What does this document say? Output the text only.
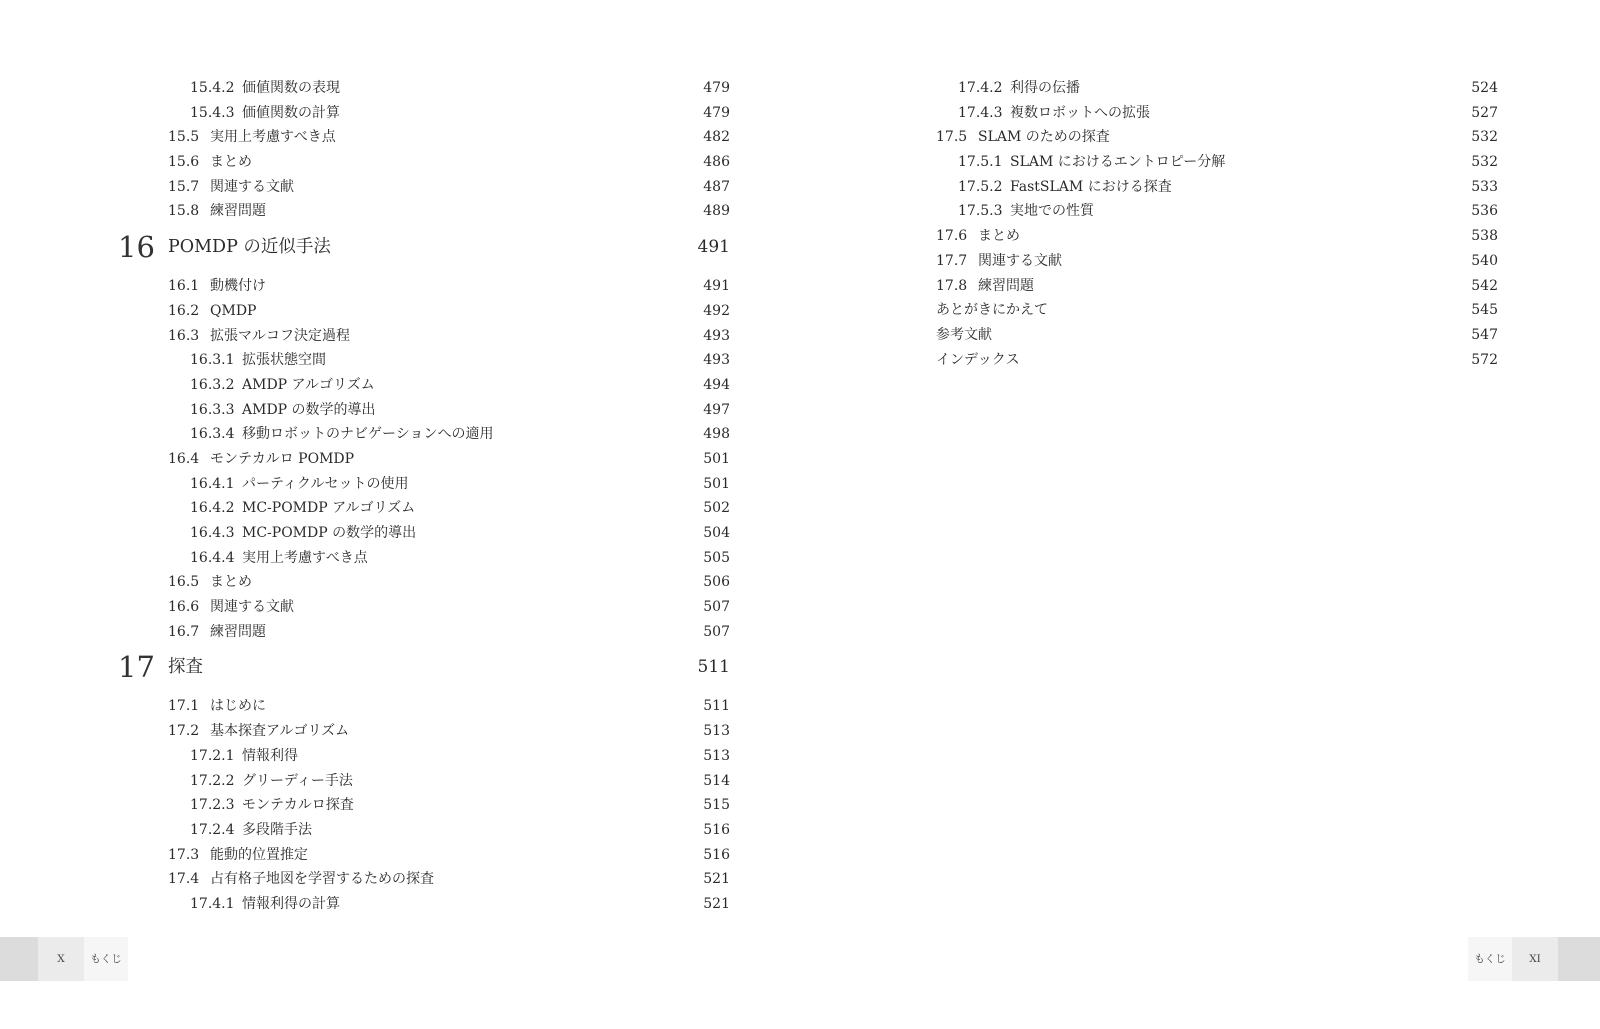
15.4.2 価値関数の表現	479
15.4.3 価値関数の計算	479
15.5 実用上考慮すべき点	482
15.6 まとめ	486
15.7 関連する文献	487
15.8 練習問題	489
16 POMDP の近似手法	491
16.1 動機付け	491
16.2 QMDP	492
16.3 拡張マルコフ決定過程	493
16.3.1 拡張状態空間	493
16.3.2 AMDP アルゴリズム	494
16.3.3 AMDP の数学的導出	497
16.3.4 移動ロボットのナビゲーションへの適用	498
16.4 モンテカルロ POMDP	501
16.4.1 パーティクルセットの使用	501
16.4.2 MC-POMDP アルゴリズム	502
16.4.3 MC-POMDP の数学的導出	504
16.4.4 実用上考慮すべき点	505
16.5 まとめ	506
16.6 関連する文献	507
16.7 練習問題	507
17 探査	511
17.1 はじめに	511
17.2 基本探査アルゴリズム	513
17.2.1 情報利得	513
17.2.2 グリーディー手法	514
17.2.3 モンテカルロ探査	515
17.2.4 多段階手法	516
17.3 能動的位置推定	516
17.4 占有格子地図を学習するための探査	521
17.4.1 情報利得の計算	521
17.4.2 利得の伝播	524
17.4.3 複数ロボットへの拡張	527
17.5 SLAM のための探査	532
17.5.1 SLAM におけるエントロピー分解	532
17.5.2 FastSLAM における探査	533
17.5.3 実地での性質	536
17.6 まとめ	538
17.7 関連する文献	540
17.8 練習問題	542
あとがきにかえて	545
参考文献	547
インデックス	572
X	もくじ	もくじ	XI
